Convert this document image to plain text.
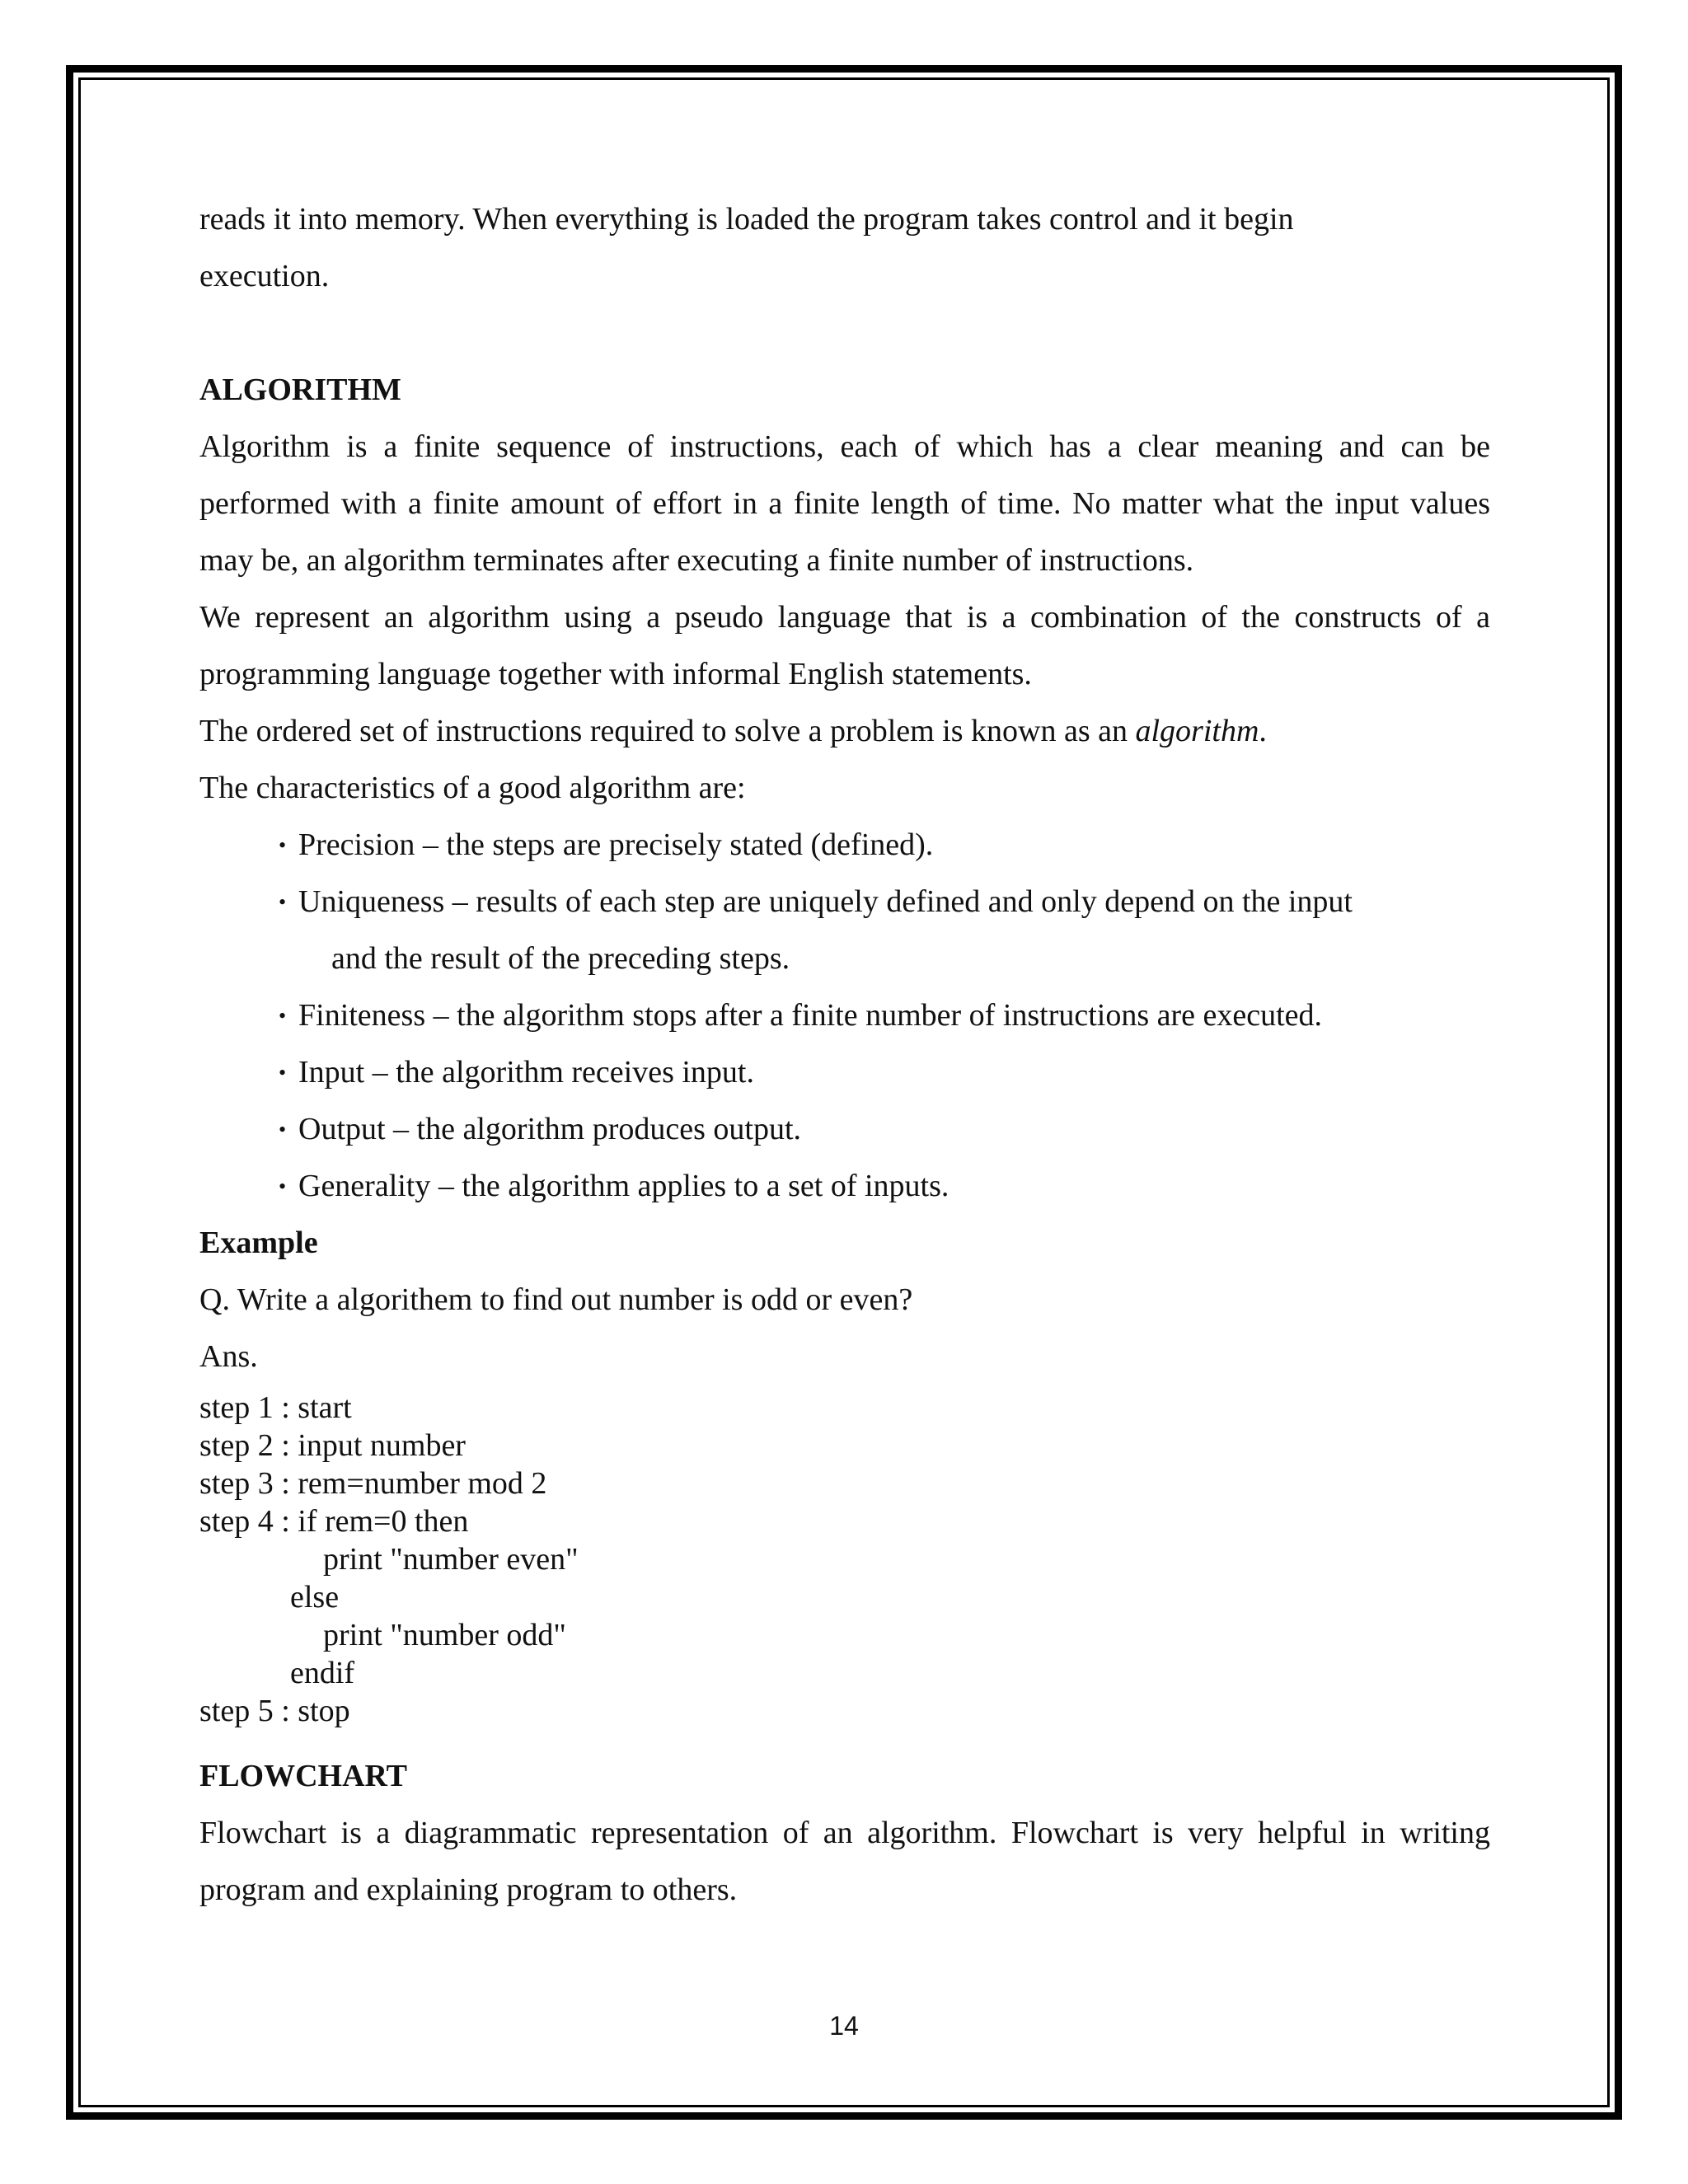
reads it into memory. When everything is loaded the program takes control and it begin

execution.

ALGORITHM

Algorithm is a finite sequence of instructions, each of which has a clear meaning and can be performed with a finite amount of effort in a finite length of time. No matter what the input values may be, an algorithm terminates after executing a finite number of instructions.

We represent an algorithm using a pseudo language that is a combination of the constructs of a programming language together with informal English statements.

The ordered set of instructions required to solve a problem is known as an algorithm.

The characteristics of a good algorithm are:

• Precision – the steps are precisely stated (defined).
• Uniqueness – results of each step are uniquely defined and only depend on the input
and the result of the preceding steps.
• Finiteness – the algorithm stops after a finite number of instructions are executed.
• Input – the algorithm receives input.
• Output – the algorithm produces output.
• Generality – the algorithm applies to a set of inputs.

Example

Q. Write a algorithem to find out number is odd or even?

Ans.

step 1 : start
step 2 : input number
step 3 : rem=number mod 2
step 4 : if rem=0 then
print "number even"
else
print "number odd"
endif
step 5 : stop

FLOWCHART

Flowchart is a diagrammatic representation of an algorithm. Flowchart is very helpful in writing program and explaining program to others.

14
